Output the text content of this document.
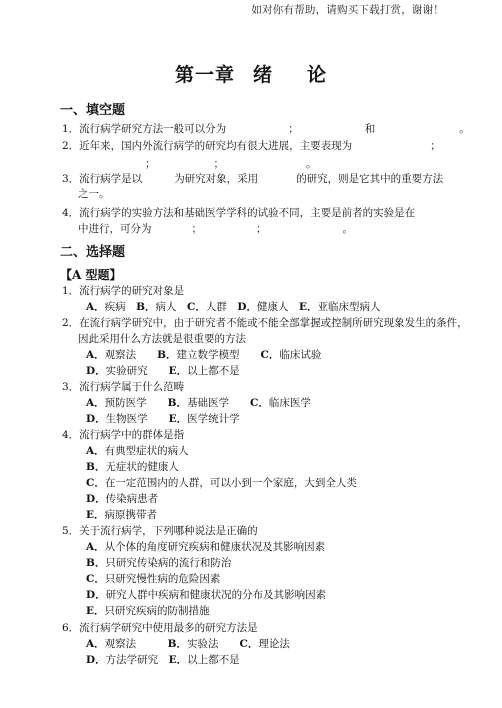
如对你有帮助，请购买下载打赏，谢谢！
第一章 绪 论
一、填空题
1．流行病学研究方法一般可以分为	；	和	。
2．近年来，国内外流行病学的研究均有很大进展，主要表现为	；
；	；	。
3．流行病学是以	为研究对象，采用	的研究，则是它其中的重要方法
之一。
4．流行病学的实验方法和基础医学学科的试验不同，主要是前者的实验是在
中进行，可分为	；	；	。
二、选择题
【A 型题】
1．流行病学的研究对象是
A．疾病　B．病人　C．人群　D．健康人　E．亚临床型病人
2．在流行病学研究中，由于研究者不能或不能全部掌握或控制所研究现象发生的条件，
因此采用什么方法就是很重要的方法
A．观察法　　B．建立数学模型　　C．临床试验
D．实验研究　　E．以上都不是
3．流行病学属于什么范畴
A．预防医学　　B．基础医学　　C．临床医学
D．生物医学　　E．医学统计学
4．流行病学中的群体是指
A．有典型症状的病人
B．无症状的健康人
C．在一定范围内的人群，可以小到一个家庭，大到全人类
D．传染病患者
E．病原携带者
5．关于流行病学，下列哪种说法是正确的
A．从个体的角度研究疾病和健康状况及其影响因素
B．只研究传染病的流行和防治
C．只研究慢性病的危险因素
D．研究人群中疾病和健康状况的分布及其影响因素
E．只研究疾病的防制措施
6．流行病学研究中使用最多的研究方法是
A．观察法　　　B．实验法　　C．理论法
D．方法学研究　E．以上都不是
